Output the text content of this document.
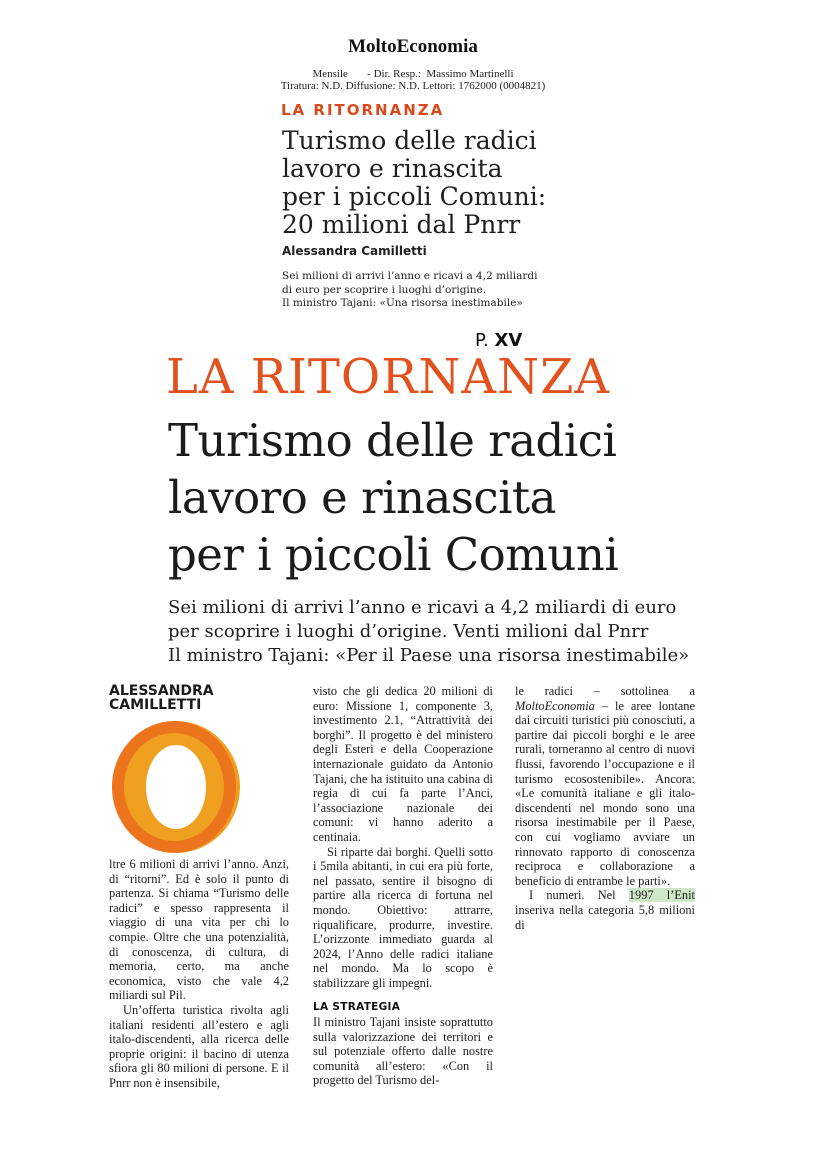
MoltoEconomia
Mensile       - Dir. Resp.:  Massimo Martinelli
Tiratura: N.D. Diffusione: N.D. Lettori: 1762000 (0004821)
LA RITORNANZA
Turismo delle radici
lavoro e rinascita
per i piccoli Comuni:
20 milioni dal Pnrr
Alessandra Camilletti
Sei milioni di arrivi l’anno e ricavi a 4,2 miliardi
di euro per scoprire i luoghi d’origine.
Il ministro Tajani: «Una risorsa inestimabile»
P. XV
LA RITORNANZA
Turismo delle radici
lavoro e rinascita
per i piccoli Comuni
Sei milioni di arrivi l’anno e ricavi a 4,2 miliardi di euro
per scoprire i luoghi d’origine. Venti milioni dal Pnrr
Il ministro Tajani: «Per il Paese una risorsa inestimabile»
ALESSANDRA
CAMILLETTI

ltre 6 milioni di arrivi l’anno. Anzi, di “ritorni”. Ed è solo il punto di partenza. Si chiama “Turismo delle radici” e spesso rappresenta il viaggio di una vita per chi lo compie. Oltre che una potenzialità, di conoscenza, di cultura, di memoria, certo, ma anche economica, visto che vale 4,2 miliardi sul Pil.

Un’offerta turistica rivolta agli italiani residenti all’estero e agli italo-discendenti, alla ricerca delle proprie origini: il bacino di utenza sfiora gli 80 milioni di persone. E il Pnrr non è insensibile,

visto che gli dedica 20 milioni di euro: Missione 1, componente 3, investimento 2.1, “Attrattività dei borghi”. Il progetto è del ministero degli Esteri e della Cooperazione internazionale guidato da Antonio Tajani, che ha istituito una cabina di regia di cui fa parte l’Anci, l’associazione nazionale dei comuni: vi hanno aderito a centinaia.

Si riparte dai borghi. Quelli sotto i 5mila abitanti, in cui era più forte, nel passato, sentire il bisogno di partire alla ricerca di fortuna nel mondo. Obiettivo: attrarre, riqualificare, produrre, investire. L’orizzonte immediato guarda al 2024, l’Anno delle radici italiane nel mondo. Ma lo scopo è stabilizzare gli impegni.

LA STRATEGIA

Il ministro Tajani insiste soprattutto sulla valorizzazione dei territori e sul potenziale offerto dalle nostre comunità all’estero: «Con il progetto del Turismo del-

le radici – sottolinea a MoltoEconomia – le aree lontane dai circuiti turistici più conosciuti, a partire dai piccoli borghi e le aree rurali, torneranno al centro di nuovi flussi, favorendo l’occupazione e il turismo ecosostenibile». Ancora: «Le comunità italiane e gli italo-discendenti nel mondo sono una risorsa inestimabile per il Paese, con cui vogliamo avviare un rinnovato rapporto di conoscenza reciproca e collaborazione a beneficio di entrambe le parti».

I numeri. Nel 1997 l’Enit inseriva nella categoria 5,8 milioni di
